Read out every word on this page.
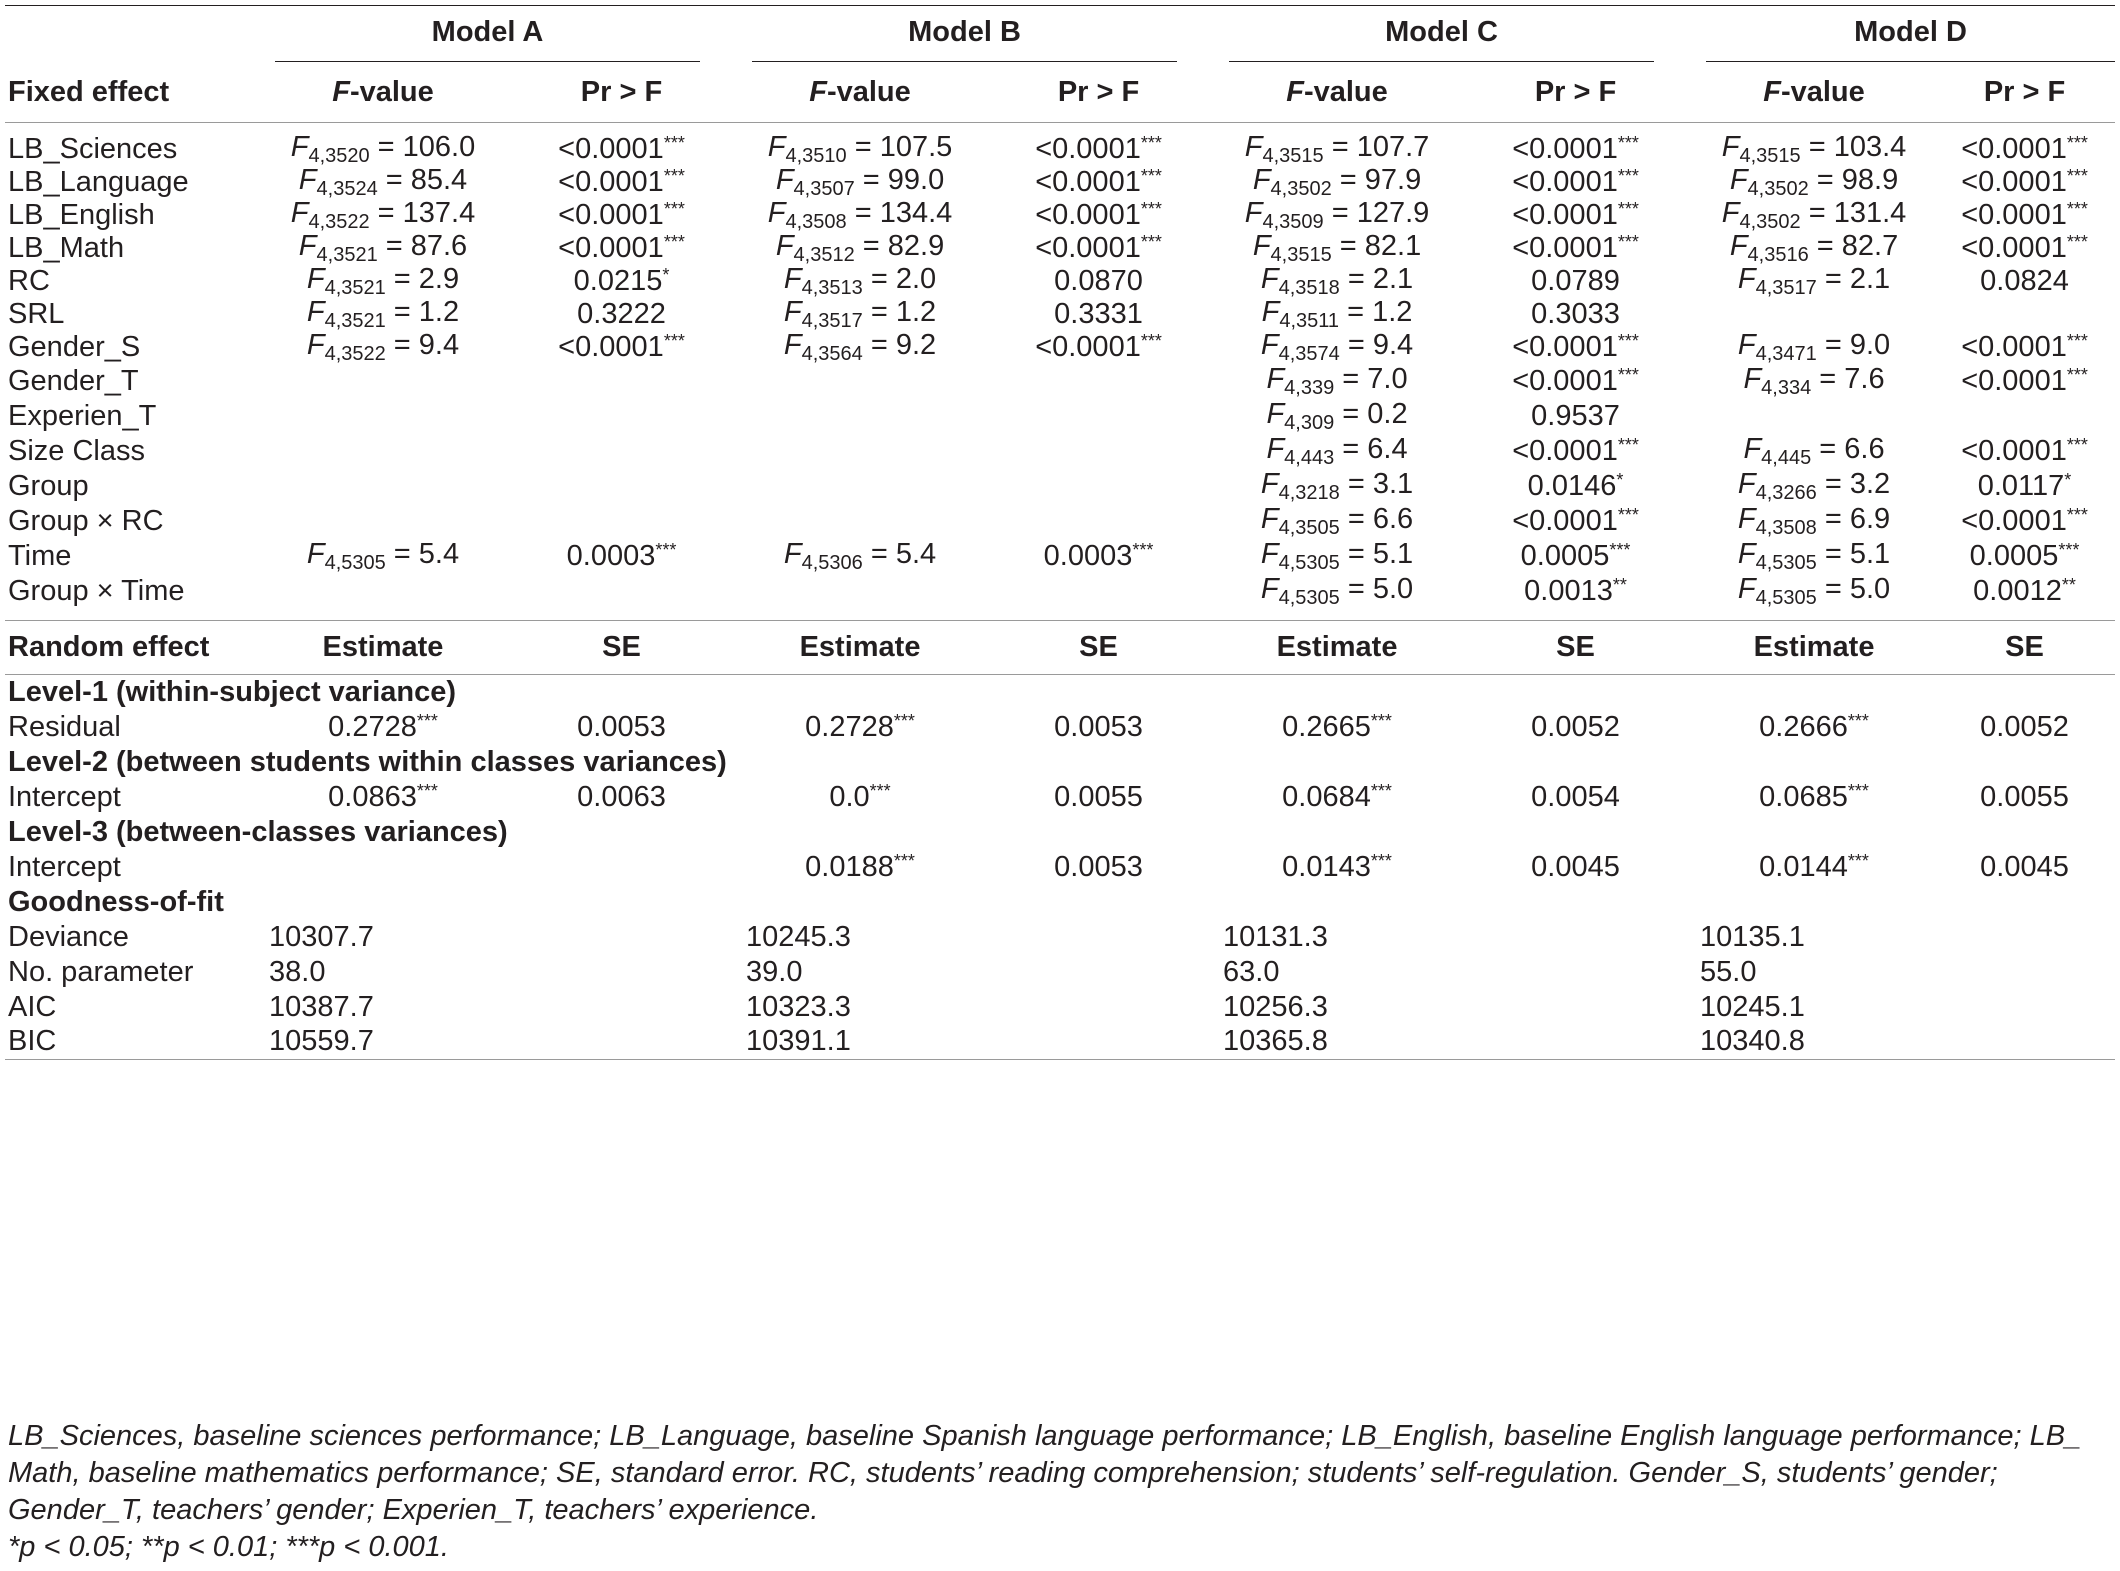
	Model A		Model B		Model C		Model D	

Fixed effect	F-value	Pr > F	F-value	Pr > F	F-value	Pr > F	F-value	Pr > F

LB_Sciences	$F_{4,3520} = 106.0$	<0.0001***	$F_{4,3510} = 107.5$	<0.0001***	$F_{4,3515} = 107.7$	<0.0001***	$F_{4,3515} = 103.4$	<0.0001***
LB_Language	$F_{4,3524} = 85.4$	<0.0001***	$F_{4,3507} = 99.0$	<0.0001***	$F_{4,3502} = 97.9$	<0.0001***	$F_{4,3502} = 98.9$	<0.0001***
LB_English	$F_{4,3522} = 137.4$	<0.0001***	$F_{4,3508} = 134.4$	<0.0001***	$F_{4,3509} = 127.9$	<0.0001***	$F_{4,3502} = 131.4$	<0.0001***
LB_Math	$F_{4,3521} = 87.6$	<0.0001***	$F_{4,3512} = 82.9$	<0.0001***	$F_{4,3515} = 82.1$	<0.0001***	$F_{4,3516} = 82.7$	<0.0001***
RC	$F_{4,3521} = 2.9$	0.0215*	$F_{4,3513} = 2.0$	0.0870	$F_{4,3518} = 2.1$	0.0789	$F_{4,3517} = 2.1$	0.0824
SRL	$F_{4,3521} = 1.2$	0.3222	$F_{4,3517} = 1.2$	0.3331	$F_{4,3511} = 1.2$	0.3033		
Gender_S	$F_{4,3522} = 9.4$	<0.0001***	$F_{4,3564} = 9.2$	<0.0001***	$F_{4,3574} = 9.4$	<0.0001***	$F_{4,3471} = 9.0$	<0.0001***
Gender_T					$F_{4,339} = 7.0$	<0.0001***	$F_{4,334} = 7.6$	<0.0001***
Experien_T					$F_{4,309} = 0.2$	0.9537		
Size Class					$F_{4,443} = 6.4$	<0.0001***	$F_{4,445} = 6.6$	<0.0001***
Group					$F_{4,3218} = 3.1$	0.0146*	$F_{4,3266} = 3.2$	0.0117*
Group × RC					$F_{4,3505} = 6.6$	<0.0001***	$F_{4,3508} = 6.9$	<0.0001***
Time	$F_{4,5305} = 5.4$	0.0003***	$F_{4,5306} = 5.4$	0.0003***	$F_{4,5305} = 5.1$	0.0005***	$F_{4,5305} = 5.1$	0.0005***
Group × Time					$F_{4,5305} = 5.0$	0.0013**	$F_{4,5305} = 5.0$	0.0012**

Random effect	Estimate	SE	Estimate	SE	Estimate	SE	Estimate	SE
Level-1 (within-subject variance)								
Residual	0.2728***	0.0053	0.2728***	0.0053	0.2665***	0.0052	0.2666***	0.0052
Level-2 (between students within classes variances)								
Intercept	0.0863***	0.0063	0.0***	0.0055	0.0684***	0.0054	0.0685***	0.0055
Level-3 (between-classes variances)								
Intercept			0.0188***	0.0053	0.0143***	0.0045	0.0144***	0.0045
Goodness-of-fit								
Deviance	10307.7		10245.3		10131.3		10135.1	
No. parameter	38.0		39.0		63.0		55.0	
AIC	10387.7		10323.3		10256.3		10245.1	
BIC	10559.7		10391.1		10365.8		10340.8	

LB_Sciences, baseline sciences performance; LB_Language, baseline Spanish language performance; LB_English, baseline English language performance; LB_ Math, baseline mathematics performance; SE, standard error. RC, students’ reading comprehension; students’ self-regulation. Gender_S, students’ gender; Gender_T, teachers’ gender; Experien_T, teachers’ experience.

*p < 0.05; **p < 0.01; ***p < 0.001.
